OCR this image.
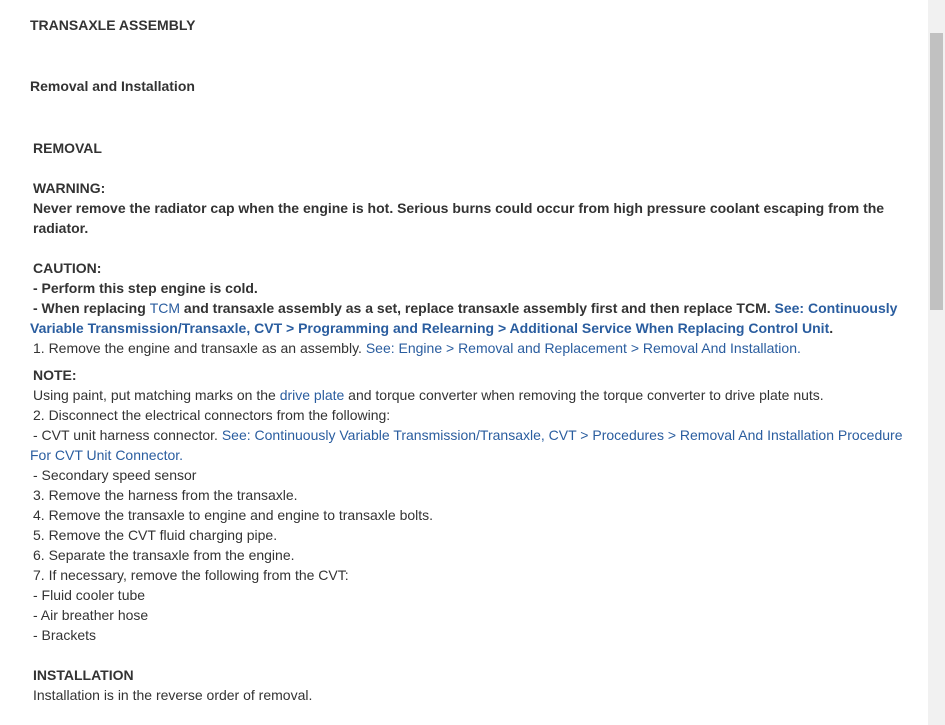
TRANSAXLE ASSEMBLY
Removal and Installation
REMOVAL

WARNING:
Never remove the radiator cap when the engine is hot. Serious burns could occur from high pressure coolant escaping from the radiator.

CAUTION:
- Perform this step engine is cold.
- When replacing TCM and transaxle assembly as a set, replace transaxle assembly first and then replace TCM. See: Continuously Variable Transmission/Transaxle, CVT > Programming and Relearning > Additional Service When Replacing Control Unit.
1. Remove the engine and transaxle as an assembly. See: Engine > Removal and Replacement > Removal And Installation.
NOTE:
Using paint, put matching marks on the drive plate and torque converter when removing the torque converter to drive plate nuts.
2. Disconnect the electrical connectors from the following:
- CVT unit harness connector. See: Continuously Variable Transmission/Transaxle, CVT > Procedures > Removal And Installation Procedure For CVT Unit Connector.
- Secondary speed sensor
3. Remove the harness from the transaxle.
4. Remove the transaxle to engine and engine to transaxle bolts.
5. Remove the CVT fluid charging pipe.
6. Separate the transaxle from the engine.
7. If necessary, remove the following from the CVT:
- Fluid cooler tube
- Air breather hose
- Brackets

INSTALLATION
Installation is in the reverse order of removal.
